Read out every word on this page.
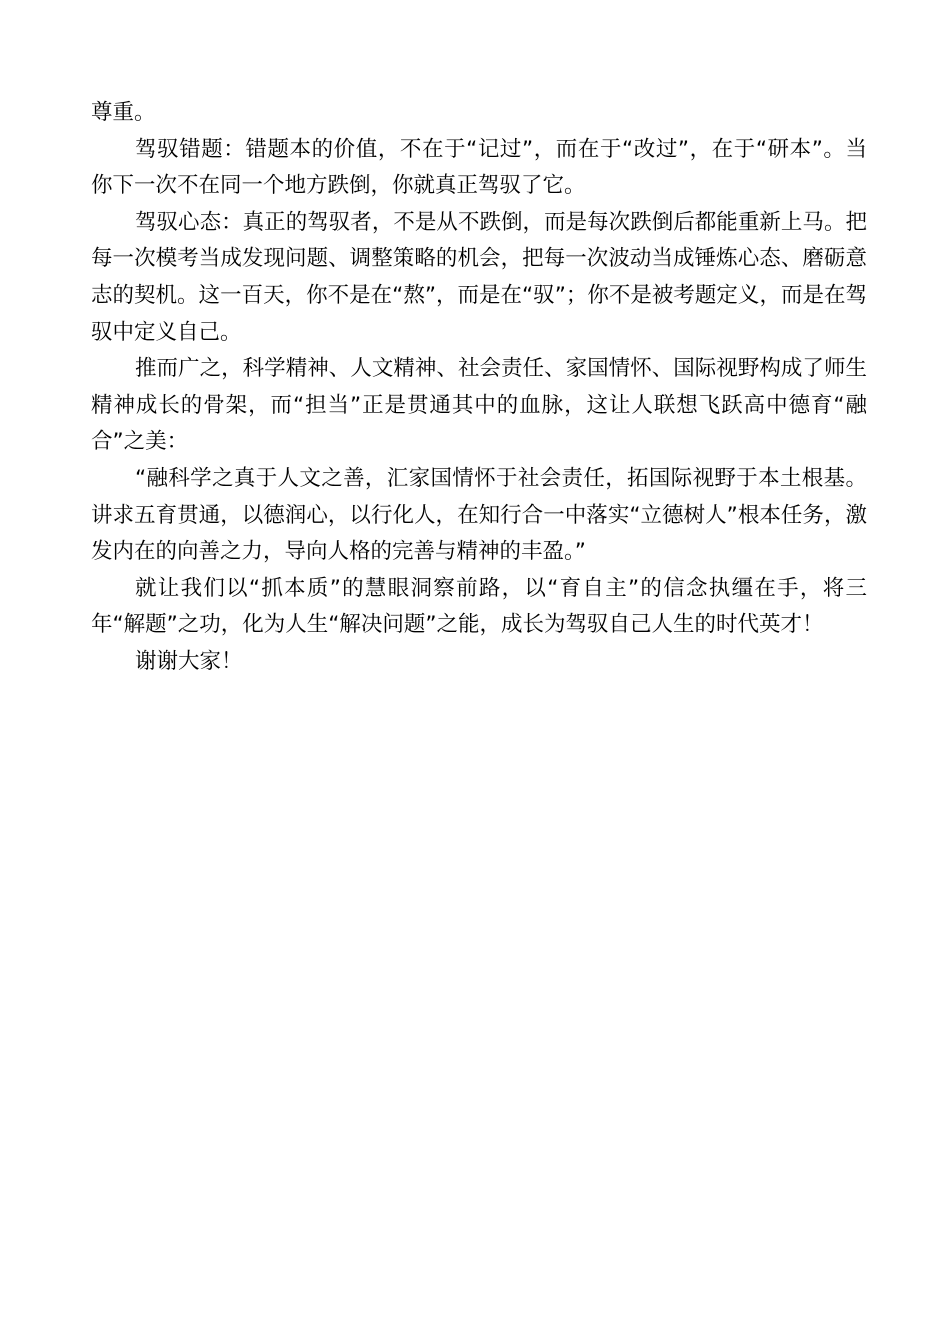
尊重。

驾驭错题：错题本的价值，不在于“记过”，而在于“改过”，在于“研本”。当你下一次不在同一个地方跌倒，你就真正驾驭了它。

驾驭心态：真正的驾驭者，不是从不跌倒，而是每次跌倒后都能重新上马。把每一次模考当成发现问题、调整策略的机会，把每一次波动当成锤炼心态、磨砺意志的契机。这一百天，你不是在“熬”，而是在“驭”；你不是被考题定义，而是在驾驭中定义自己。

推而广之，科学精神、人文精神、社会责任、家国情怀、国际视野构成了师生精神成长的骨架，而“担当”正是贯通其中的血脉，这让人联想飞跃高中德育“融合”之美：

“融科学之真于人文之善，汇家国情怀于社会责任，拓国际视野于本土根基。讲求五育贯通，以德润心，以行化人，在知行合一中落实“立德树人”根本任务，激发内在的向善之力，导向人格的完善与精神的丰盈。”

就让我们以“抓本质”的慧眼洞察前路，以“育自主”的信念执缰在手，将三年“解题”之功，化为人生“解决问题”之能，成长为驾驭自己人生的时代英才！

谢谢大家！
